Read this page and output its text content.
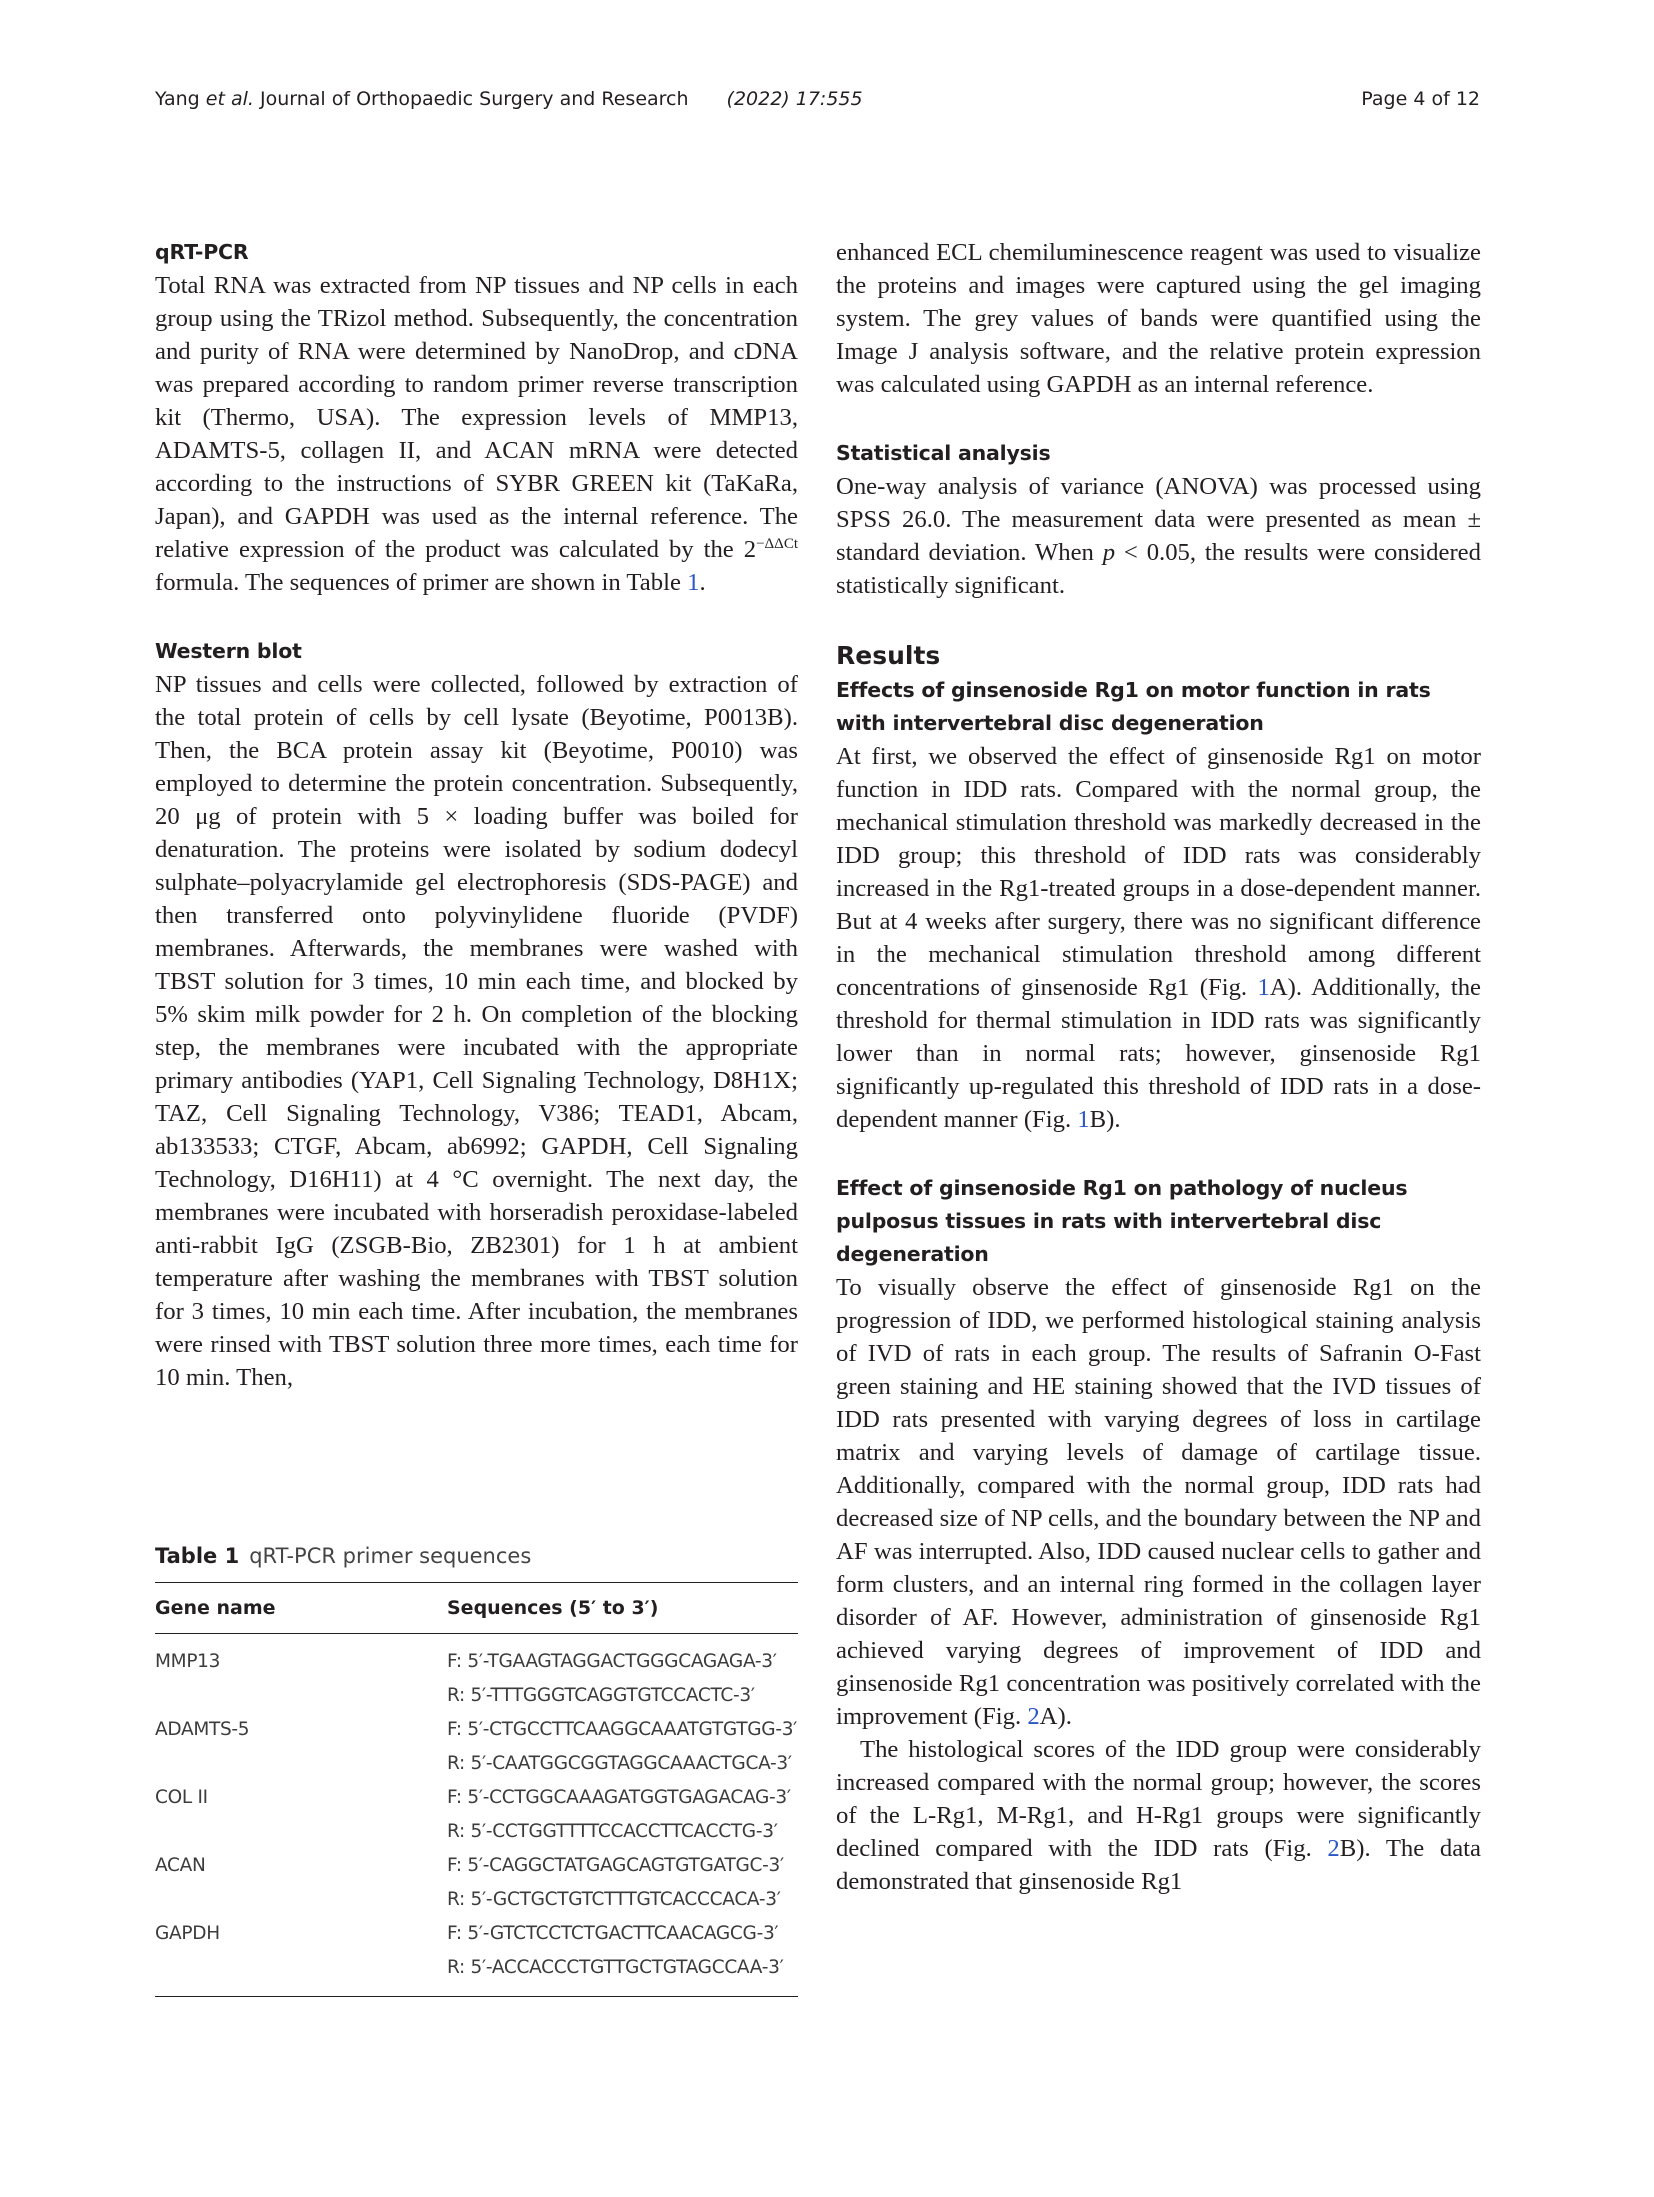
Yang et al. Journal of Orthopaedic Surgery and Research (2022) 17:555	Page 4 of 12
qRT-PCR

Total RNA was extracted from NP tissues and NP cells in each group using the TRizol method. Subsequently, the concentration and purity of RNA were determined by NanoDrop, and cDNA was prepared according to random primer reverse transcription kit (Thermo, USA). The expression levels of MMP13, ADAMTS-5, collagen II, and ACAN mRNA were detected according to the instructions of SYBR GREEN kit (TaKaRa, Japan), and GAPDH was used as the internal reference. The relative expression of the product was calculated by the $2^{-\Delta\Delta Ct}$ formula. The sequences of primer are shown in Table 1.

Western blot

NP tissues and cells were collected, followed by extraction of the total protein of cells by cell lysate (Beyotime, P0013B). Then, the BCA protein assay kit (Beyotime, P0010) was employed to determine the protein concentration. Subsequently, 20 μg of protein with 5 × loading buffer was boiled for denaturation. The proteins were isolated by sodium dodecyl sulphate–polyacrylamide gel electrophoresis (SDS-PAGE) and then transferred onto polyvinylidene fluoride (PVDF) membranes. Afterwards, the membranes were washed with TBST solution for 3 times, 10 min each time, and blocked by 5% skim milk powder for 2 h. On completion of the blocking step, the membranes were incubated with the appropriate primary antibodies (YAP1, Cell Signaling Technology, D8H1X; TAZ, Cell Signaling Technology, V386; TEAD1, Abcam, ab133533; CTGF, Abcam, ab6992; GAPDH, Cell Signaling Technology, D16H11) at 4 °C overnight. The next day, the membranes were incubated with horseradish peroxidase-labeled anti-rabbit IgG (ZSGB-Bio, ZB2301) for 1 h at ambient temperature after washing the membranes with TBST solution for 3 times, 10 min each time. After incubation, the membranes were rinsed with TBST solution three more times, each time for 10 min. Then,

Table 1 qRT-PCR primer sequences
Gene name	Sequences (5′ to 3′)
MMP13	F: 5′-TGAAGTAGGACTGGGCAGAGA-3′
	R: 5′-TTTGGGTCAGGTGTCCACTC-3′
ADAMTS-5	F: 5′-CTGCCTTCAAGGCAAATGTGTGG-3′
	R: 5′-CAATGGCGGTAGGCAAACTGCA-3′
COL II	F: 5′-CCTGGCAAAGATGGTGAGACAG-3′
	R: 5′-CCTGGTTTTCCACCTTCACCTG-3′
ACAN	F: 5′-CAGGCTATGAGCAGTGTGATGC-3′
	R: 5′-GCTGCTGTCTTTGTCACCCACA-3′
GAPDH	F: 5′-GTCTCCTCTGACTTCAACAGCG-3′
	R: 5′-ACCACCCTGTTGCTGTAGCCAA-3′

enhanced ECL chemiluminescence reagent was used to visualize the proteins and images were captured using the gel imaging system. The grey values of bands were quantified using the Image J analysis software, and the relative protein expression was calculated using GAPDH as an internal reference.

Statistical analysis

One-way analysis of variance (ANOVA) was processed using SPSS 26.0. The measurement data were presented as mean ± standard deviation. When p < 0.05, the results were considered statistically significant.

Results
Effects of ginsenoside Rg1 on motor function in rats with intervertebral disc degeneration

At first, we observed the effect of ginsenoside Rg1 on motor function in IDD rats. Compared with the normal group, the mechanical stimulation threshold was markedly decreased in the IDD group; this threshold of IDD rats was considerably increased in the Rg1-treated groups in a dose-dependent manner. But at 4 weeks after surgery, there was no significant difference in the mechanical stimulation threshold among different concentrations of ginsenoside Rg1 (Fig. 1A). Additionally, the threshold for thermal stimulation in IDD rats was significantly lower than in normal rats; however, ginsenoside Rg1 significantly up-regulated this threshold of IDD rats in a dose-dependent manner (Fig. 1B).

Effect of ginsenoside Rg1 on pathology of nucleus pulposus tissues in rats with intervertebral disc degeneration

To visually observe the effect of ginsenoside Rg1 on the progression of IDD, we performed histological staining analysis of IVD of rats in each group. The results of Safranin O-Fast green staining and HE staining showed that the IVD tissues of IDD rats presented with varying degrees of loss in cartilage matrix and varying levels of damage of cartilage tissue. Additionally, compared with the normal group, IDD rats had decreased size of NP cells, and the boundary between the NP and AF was interrupted. Also, IDD caused nuclear cells to gather and form clusters, and an internal ring formed in the collagen layer disorder of AF. However, administration of ginsenoside Rg1 achieved varying degrees of improvement of IDD and ginsenoside Rg1 concentration was positively correlated with the improvement (Fig. 2A).

The histological scores of the IDD group were considerably increased compared with the normal group; however, the scores of the L-Rg1, M-Rg1, and H-Rg1 groups were significantly declined compared with the IDD rats (Fig. 2B). The data demonstrated that ginsenoside Rg1
